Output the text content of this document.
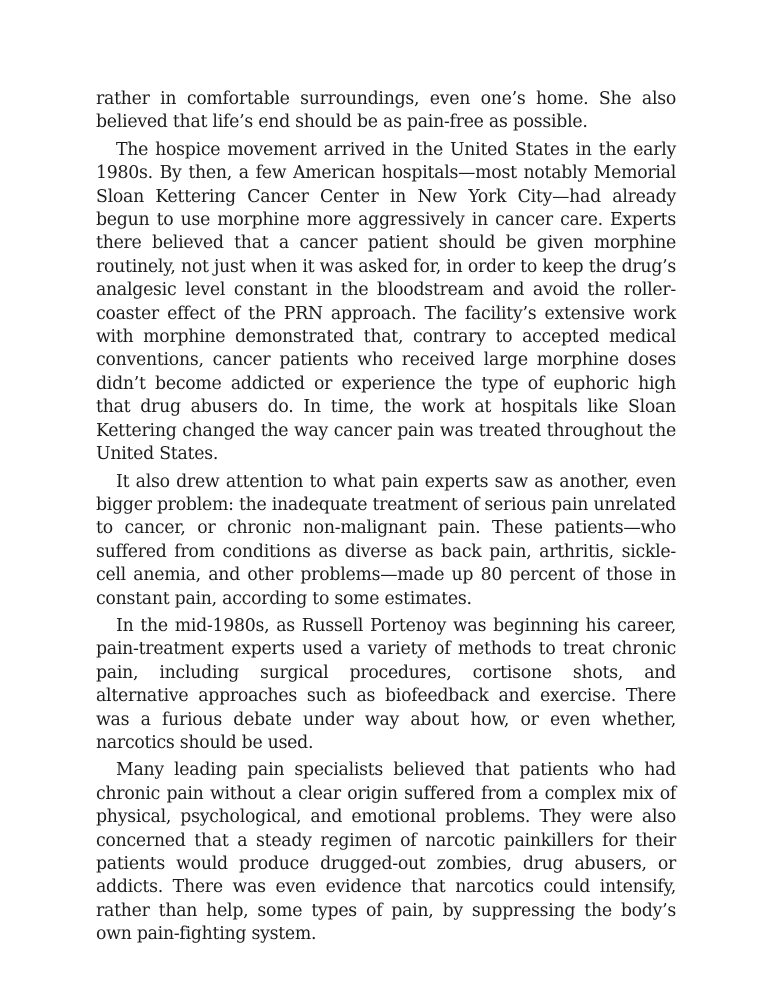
rather in comfortable surroundings, even one’s home. She also believed that life’s end should be as pain-free as possible.

The hospice movement arrived in the United States in the early 1980s. By then, a few American hospitals—most notably Memorial Sloan Kettering Cancer Center in New York City—had already begun to use morphine more aggressively in cancer care. Experts there believed that a cancer patient should be given morphine routinely, not just when it was asked for, in order to keep the drug’s analgesic level constant in the bloodstream and avoid the roller-coaster effect of the PRN approach. The facility’s extensive work with morphine demonstrated that, contrary to accepted medical conventions, cancer patients who received large morphine doses didn’t become addicted or experience the type of euphoric high that drug abusers do. In time, the work at hospitals like Sloan Kettering changed the way cancer pain was treated throughout the United States.

It also drew attention to what pain experts saw as another, even bigger problem: the inadequate treatment of serious pain unrelated to cancer, or chronic non-malignant pain. These patients—who suffered from conditions as diverse as back pain, arthritis, sickle-cell anemia, and other problems—made up 80 percent of those in constant pain, according to some estimates.

In the mid-1980s, as Russell Portenoy was beginning his career, pain-treatment experts used a variety of methods to treat chronic pain, including surgical procedures, cortisone shots, and alternative approaches such as biofeedback and exercise. There was a furious debate under way about how, or even whether, narcotics should be used.

Many leading pain specialists believed that patients who had chronic pain without a clear origin suffered from a complex mix of physical, psychological, and emotional problems. They were also concerned that a steady regimen of narcotic painkillers for their patients would produce drugged-out zombies, drug abusers, or addicts. There was even evidence that narcotics could intensify, rather than help, some types of pain, by suppressing the body’s own pain-fighting system.
